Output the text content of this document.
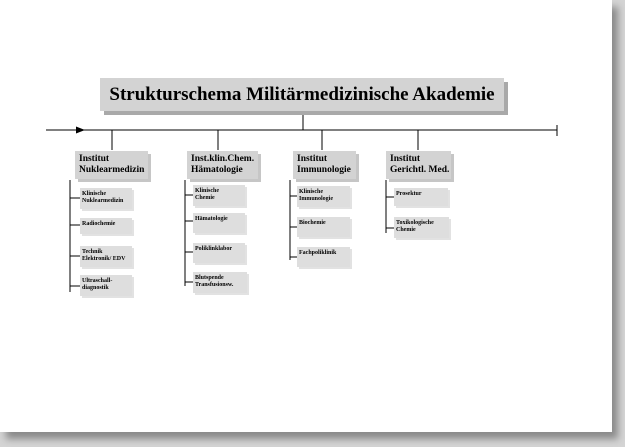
Strukturschema Militärmedizinische Akademie
Institut
Nuklearmedizin
Inst.klin.Chem.
Hämatologie
Institut
Immunologie
Institut
Gerichtl. Med.
Klinische
Nuklearmedizin
Radiochemie
Technik
Elektronik/ EDV
Ultraschall-
diagnostik
Klinische
Chemie
Hämatologie
Poliklinklabor
Blutspende
Transfusionsw.
Klinische
Immunologie
Biochemie
Fachpoliklinik
Prosektur
Toxikologische
Chemie
